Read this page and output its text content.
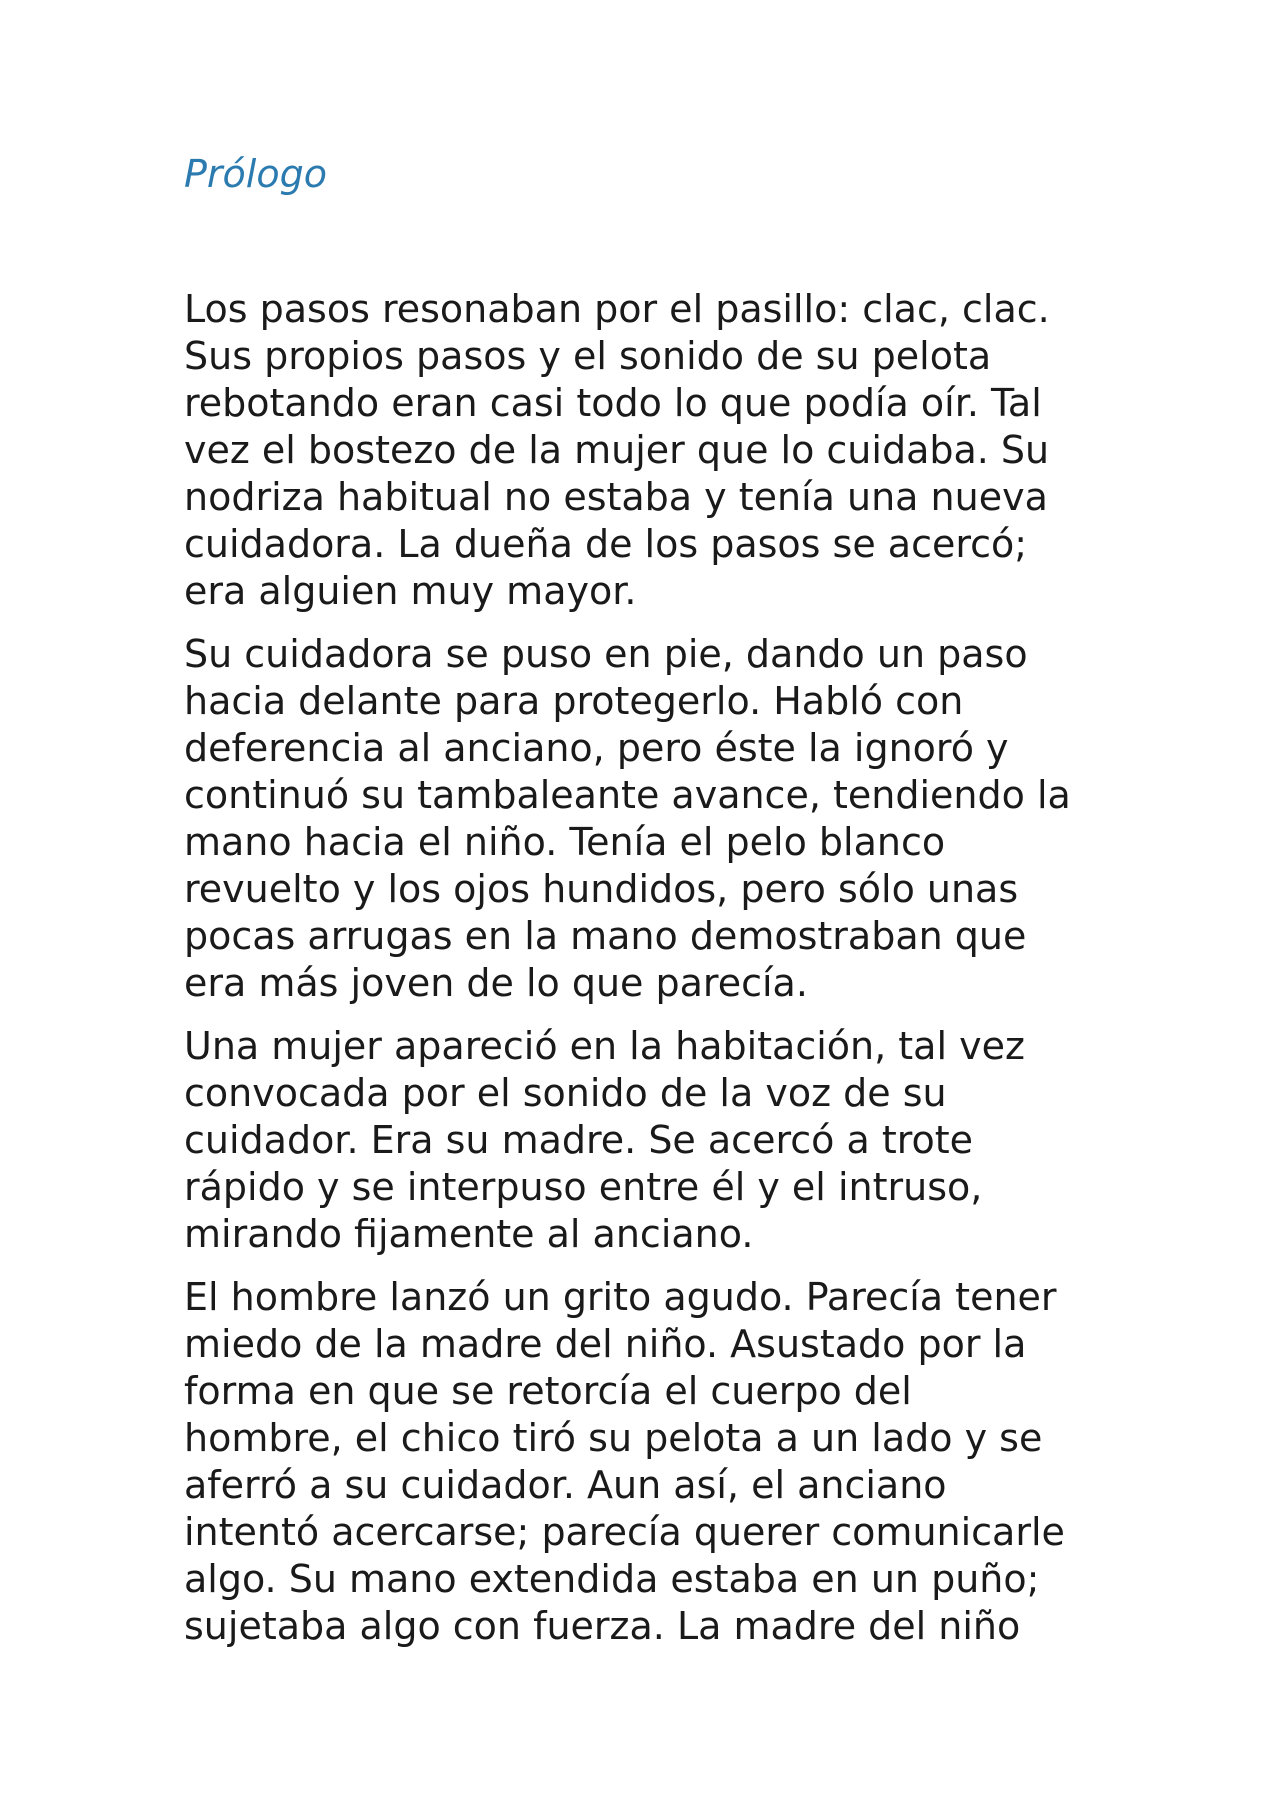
Prólogo

Los pasos resonaban por el pasillo: clac, clac.
Sus propios pasos y el sonido de su pelota
rebotando eran casi todo lo que podía oír. Tal
vez el bostezo de la mujer que lo cuidaba. Su
nodriza habitual no estaba y tenía una nueva
cuidadora. La dueña de los pasos se acercó;
era alguien muy mayor.

Su cuidadora se puso en pie, dando un paso
hacia delante para protegerlo. Habló con
deferencia al anciano, pero éste la ignoró y
continuó su tambaleante avance, tendiendo la
mano hacia el niño. Tenía el pelo blanco
revuelto y los ojos hundidos, pero sólo unas
pocas arrugas en la mano demostraban que
era más joven de lo que parecía.

Una mujer apareció en la habitación, tal vez
convocada por el sonido de la voz de su
cuidador. Era su madre. Se acercó a trote
rápido y se interpuso entre él y el intruso,
mirando fijamente al anciano.

El hombre lanzó un grito agudo. Parecía tener
miedo de la madre del niño. Asustado por la
forma en que se retorcía el cuerpo del
hombre, el chico tiró su pelota a un lado y se
aferró a su cuidador. Aun así, el anciano
intentó acercarse; parecía querer comunicarle
algo. Su mano extendida estaba en un puño;
sujetaba algo con fuerza. La madre del niño
